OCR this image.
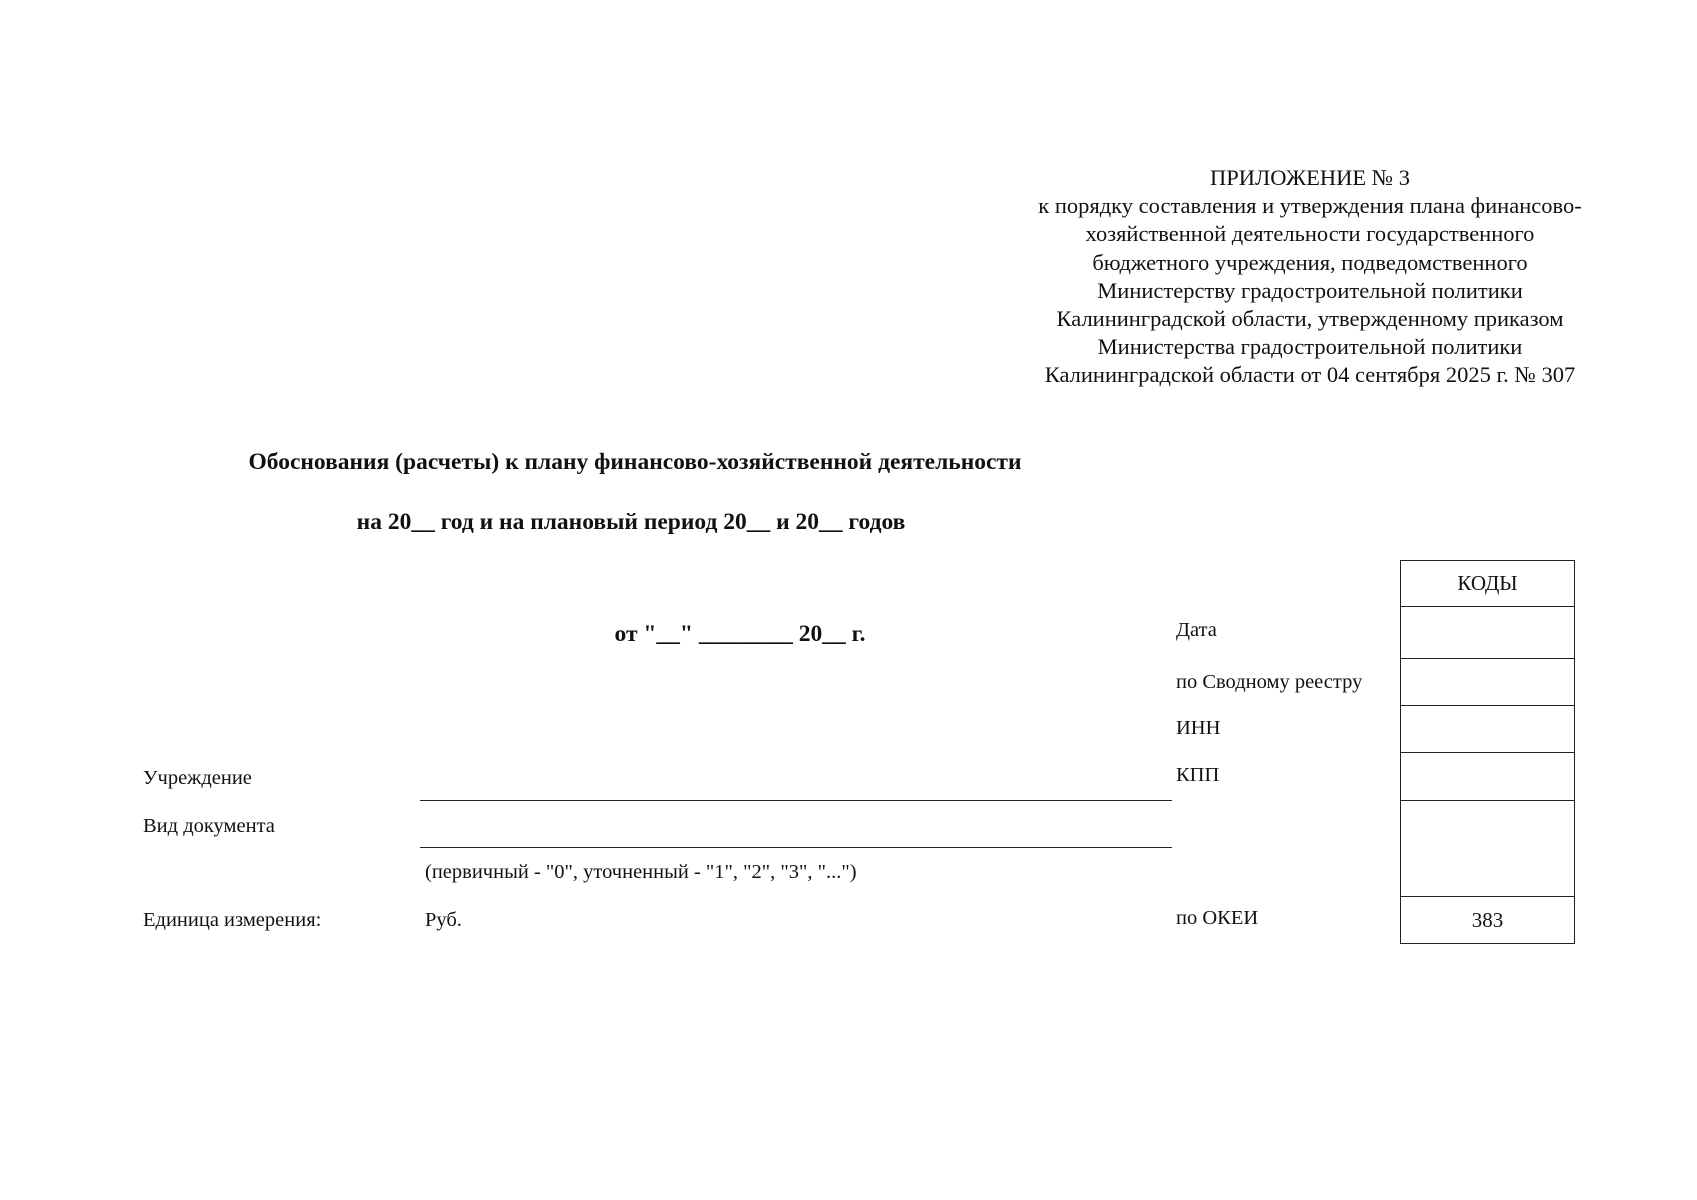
ПРИЛОЖЕНИЕ № 3
к порядку составления и утверждения плана финансово-
хозяйственной деятельности государственного
бюджетного учреждения, подведомственного
Министерству градостроительной политики
Калининградской области, утвержденному приказом
Министерства градостроительной политики
Калининградской области от 04 сентября 2025 г. № 307
Обоснования (расчеты) к плану финансово-хозяйственной деятельности
на 20__ год и на плановый период 20__ и 20__ годов
от "__" ________ 20__ г.
Учреждение
Вид документа
(первичный - "0", уточненный - "1", "2", "3", "...")
Единица измерения:	Руб.
Дата
по Сводному реестру
ИНН
КПП
по ОКЕИ
КОДЫ
383
